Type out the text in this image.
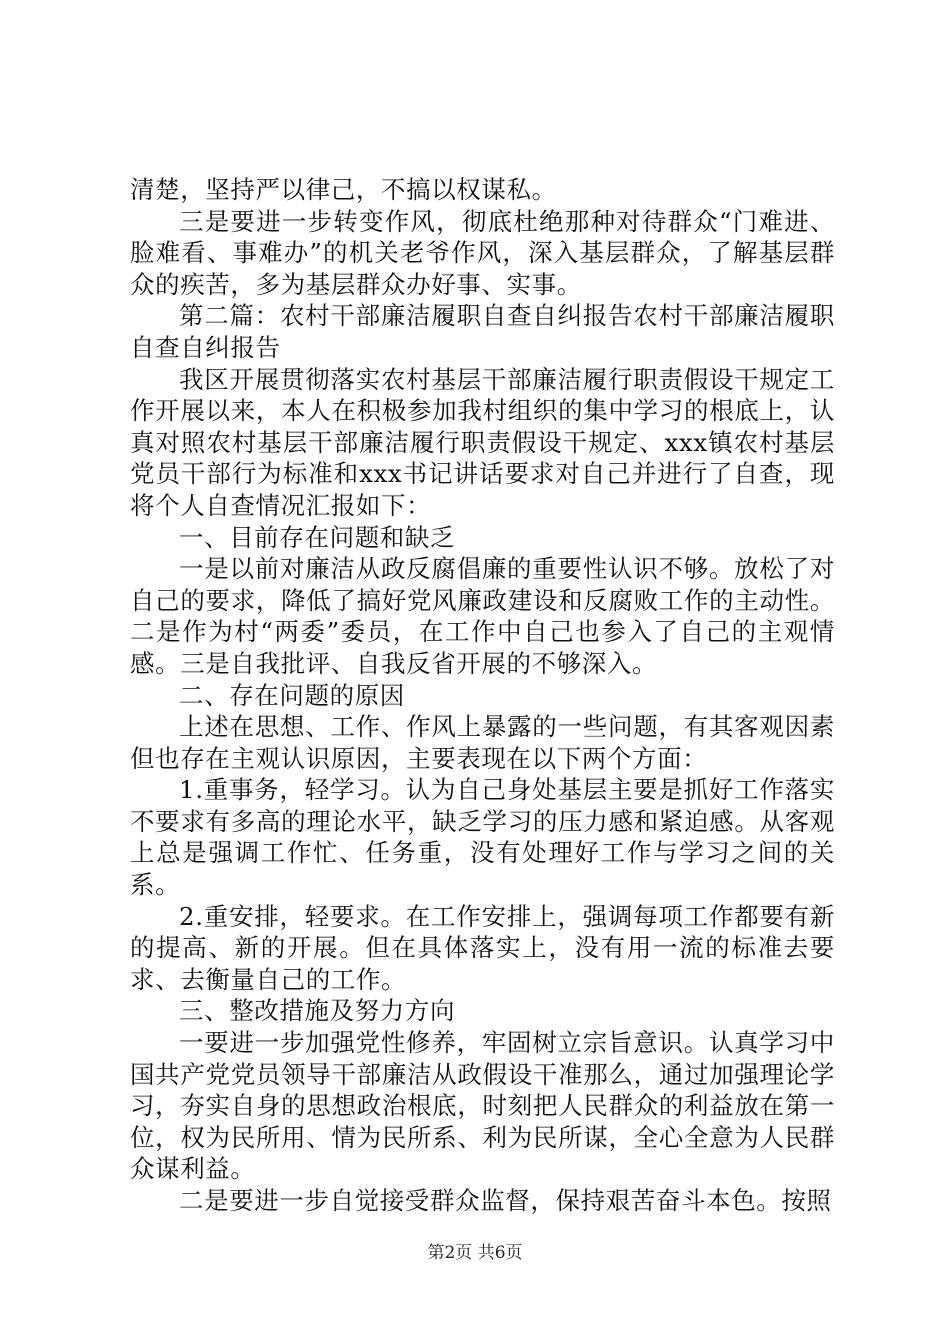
清楚，坚持严以律己，不搞以权谋私。

三是要进一步转变作风，彻底杜绝那种对待群众“门难进、脸难看、事难办”的机关老爷作风，深入基层群众，了解基层群众的疾苦，多为基层群众办好事、实事。

第二篇：农村干部廉洁履职自查自纠报告农村干部廉洁履职自查自纠报告

我区开展贯彻落实农村基层干部廉洁履行职责假设干规定工作开展以来，本人在积极参加我村组织的集中学习的根底上，认真对照农村基层干部廉洁履行职责假设干规定、xxx镇农村基层党员干部行为标准和xxx书记讲话要求对自己并进行了自查，现将个人自查情况汇报如下：

一、目前存在问题和缺乏

一是以前对廉洁从政反腐倡廉的重要性认识不够。放松了对自己的要求，降低了搞好党风廉政建设和反腐败工作的主动性。二是作为村“两委”委员，在工作中自己也参入了自己的主观情感。三是自我批评、自我反省开展的不够深入。

二、存在问题的原因

上述在思想、工作、作风上暴露的一些问题，有其客观因素但也存在主观认识原因，主要表现在以下两个方面：

1.重事务，轻学习。认为自己身处基层主要是抓好工作落实不要求有多高的理论水平，缺乏学习的压力感和紧迫感。从客观上总是强调工作忙、任务重，没有处理好工作与学习之间的关系。

2.重安排，轻要求。在工作安排上，强调每项工作都要有新的提高、新的开展。但在具体落实上，没有用一流的标准去要求、去衡量自己的工作。

三、整改措施及努力方向

一要进一步加强党性修养，牢固树立宗旨意识。认真学习中国共产党党员领导干部廉洁从政假设干准那么，通过加强理论学习，夯实自身的思想政治根底，时刻把人民群众的利益放在第一位，权为民所用、情为民所系、利为民所谋，全心全意为人民群众谋利益。

二是要进一步自觉接受群众监督，保持艰苦奋斗本色。按照

第2页 共6页
